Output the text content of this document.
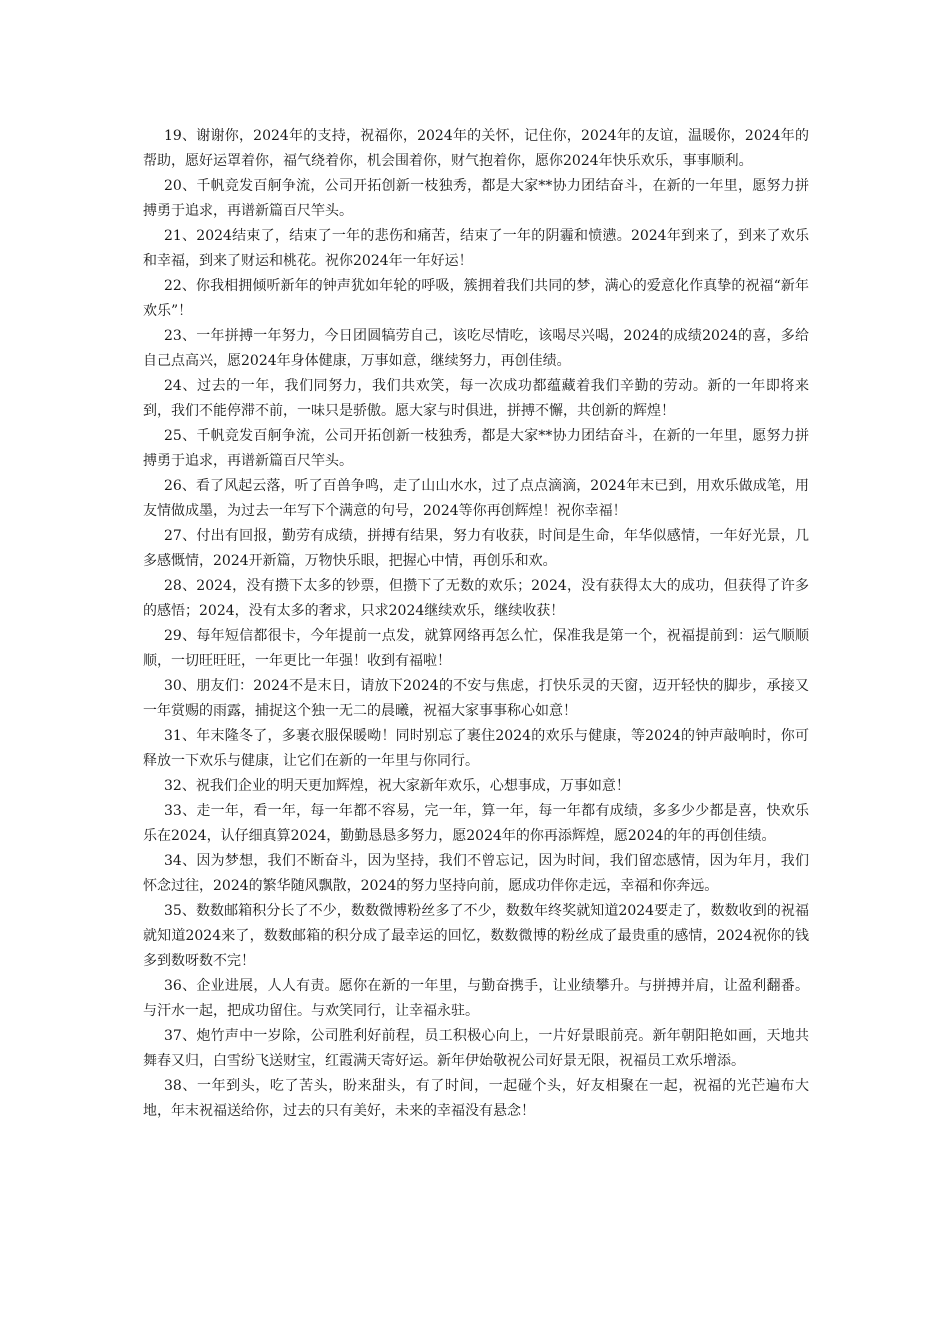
19、谢谢你，2024年的支持，祝福你，2024年的关怀，记住你，2024年的友谊，温暖你，2024年的帮助，愿好运罩着你，福气绕着你，机会围着你，财气抱着你，愿你2024年快乐欢乐，事事顺利。

20、千帆竞发百舸争流，公司开拓创新一枝独秀，都是大家**协力团结奋斗，在新的一年里，愿努力拼搏勇于追求，再谱新篇百尺竿头。

21、2024结束了，结束了一年的悲伤和痛苦，结束了一年的阴霾和愤懑。2024年到来了，到来了欢乐和幸福，到来了财运和桃花。祝你2024年一年好运！

22、你我相拥倾听新年的钟声犹如年轮的呼吸，簇拥着我们共同的梦，满心的爱意化作真挚的祝福“新年欢乐”！

23、一年拼搏一年努力，今日团圆犒劳自己，该吃尽情吃，该喝尽兴喝，2024的成绩2024的喜，多给自己点高兴，愿2024年身体健康，万事如意，继续努力，再创佳绩。

24、过去的一年，我们同努力，我们共欢笑，每一次成功都蕴藏着我们辛勤的劳动。新的一年即将来到，我们不能停滞不前，一味只是骄傲。愿大家与时俱进，拼搏不懈，共创新的辉煌！

25、千帆竞发百舸争流，公司开拓创新一枝独秀，都是大家**协力团结奋斗，在新的一年里，愿努力拼搏勇于追求，再谱新篇百尺竿头。

26、看了风起云落，听了百兽争鸣，走了山山水水，过了点点滴滴，2024年末已到，用欢乐做成笔，用友情做成墨，为过去一年写下个满意的句号，2024等你再创辉煌！祝你幸福！

27、付出有回报，勤劳有成绩，拼搏有结果，努力有收获，时间是生命，年华似感情，一年好光景，几多感慨情，2024开新篇，万物快乐眼，把握心中情，再创乐和欢。

28、2024，没有攒下太多的钞票，但攒下了无数的欢乐；2024，没有获得太大的成功，但获得了许多的感悟；2024，没有太多的奢求，只求2024继续欢乐，继续收获！

29、每年短信都很卡，今年提前一点发，就算网络再怎么忙，保准我是第一个，祝福提前到：运气顺顺顺，一切旺旺旺，一年更比一年强！收到有福啦！

30、朋友们：2024不是末日，请放下2024的不安与焦虑，打快乐灵的天窗，迈开轻快的脚步，承接又一年赏赐的雨露，捕捉这个独一无二的晨曦，祝福大家事事称心如意！

31、年末隆冬了，多裹衣服保暖呦！同时别忘了裹住2024的欢乐与健康，等2024的钟声敲响时，你可释放一下欢乐与健康，让它们在新的一年里与你同行。

32、祝我们企业的明天更加辉煌，祝大家新年欢乐，心想事成，万事如意！

33、走一年，看一年，每一年都不容易，完一年，算一年，每一年都有成绩，多多少少都是喜，快欢乐乐在2024，认仔细真算2024，勤勤恳恳多努力，愿2024年的你再添辉煌，愿2024的年的再创佳绩。

34、因为梦想，我们不断奋斗，因为坚持，我们不曾忘记，因为时间，我们留恋感情，因为年月，我们怀念过往，2024的繁华随风飘散，2024的努力坚持向前，愿成功伴你走远，幸福和你奔远。

35、数数邮箱积分长了不少，数数微博粉丝多了不少，数数年终奖就知道2024要走了，数数收到的祝福就知道2024来了，数数邮箱的积分成了最幸运的回忆，数数微博的粉丝成了最贵重的感情，2024祝你的钱多到数呀数不完！

36、企业进展，人人有责。愿你在新的一年里，与勤奋携手，让业绩攀升。与拼搏并肩，让盈利翻番。与汗水一起，把成功留住。与欢笑同行，让幸福永驻。

37、炮竹声中一岁除，公司胜利好前程，员工积极心向上，一片好景眼前亮。新年朝阳艳如画，天地共舞春又归，白雪纷飞送财宝，红霞满天寄好运。新年伊始敬祝公司好景无限，祝福员工欢乐增添。

38、一年到头，吃了苦头，盼来甜头，有了时间，一起碰个头，好友相聚在一起，祝福的光芒遍布大地，年末祝福送给你，过去的只有美好，未来的幸福没有悬念！
